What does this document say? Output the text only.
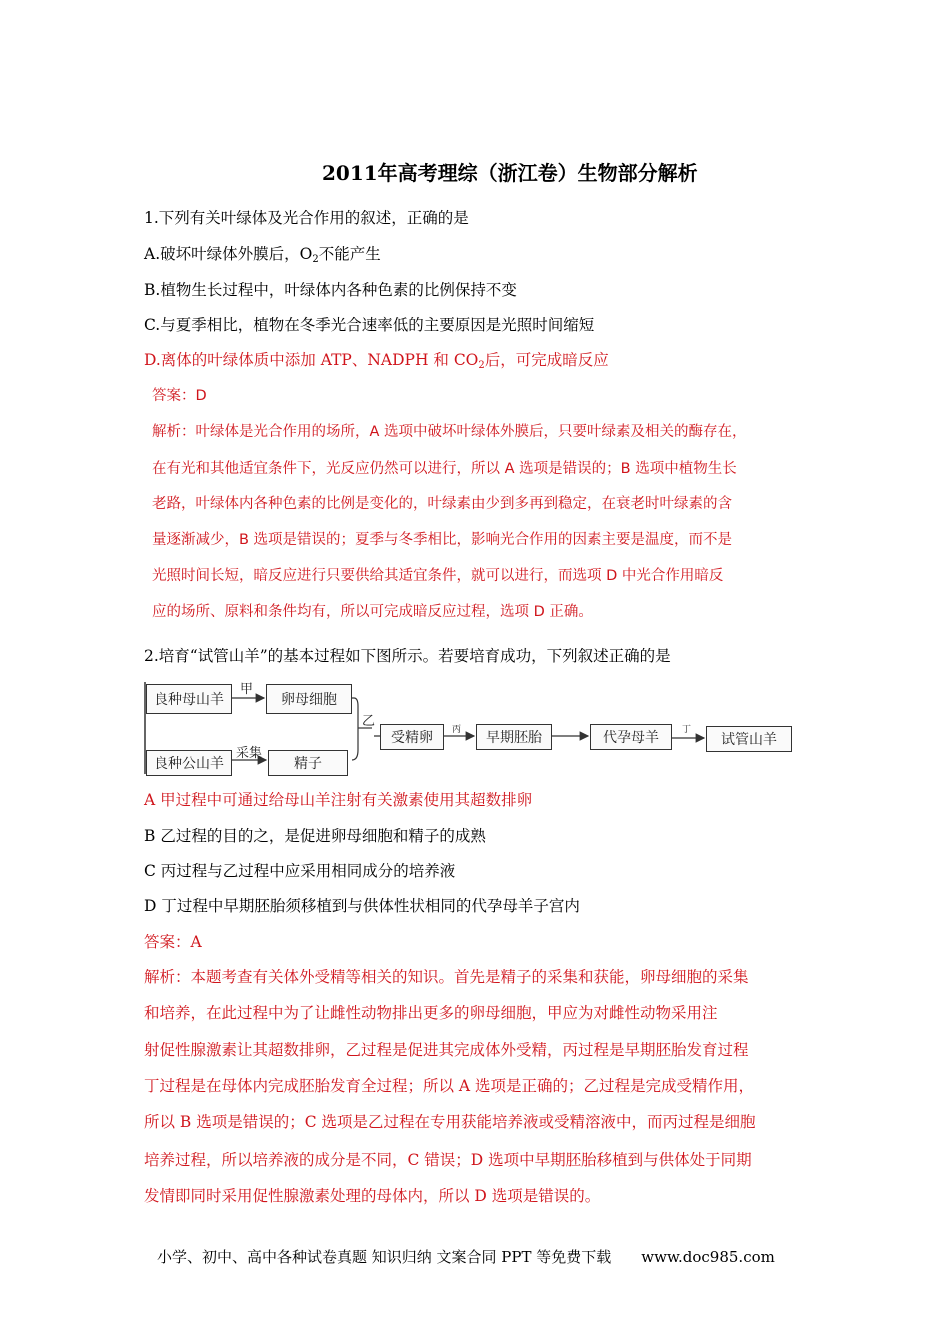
2011年高考理综（浙江卷）生物部分解析
1.下列有关叶绿体及光合作用的叙述，正确的是
A.破坏叶绿体外膜后，$O_2$不能产生
B.植物生长过程中，叶绿体内各种色素的比例保持不变
C.与夏季相比，植物在冬季光合速率低的主要原因是光照时间缩短
D.离体的叶绿体质中添加 ATP、NADPH 和 $CO_2$后，可完成暗反应
答案：D
解析：叶绿体是光合作用的场所，A 选项中破坏叶绿体外膜后，只要叶绿素及相关的酶存在，
在有光和其他适宜条件下，光反应仍然可以进行，所以 A 选项是错误的；B 选项中植物生长
老路，叶绿体内各种色素的比例是变化的，叶绿素由少到多再到稳定，在衰老时叶绿素的含
量逐渐减少，B 选项是错误的；夏季与冬季相比，影响光合作用的因素主要是温度，而不是
光照时间长短，暗反应进行只要供给其适宜条件，就可以进行，而选项 D 中光合作用暗反
应的场所、原料和条件均有，所以可完成暗反应过程，选项 D 正确。
2.培育“试管山羊”的基本过程如下图所示。若要培育成功，下列叙述正确的是
良种母山羊
甲
卵母细胞
良种公山羊
采集
精子
乙
受精卵	丙	早期胚胎	代孕母羊	丁
试管山羊
A 甲过程中可通过给母山羊注射有关激素使用其超数排卵
B 乙过程的目的之，是促进卵母细胞和精子的成熟
C 丙过程与乙过程中应采用相同成分的培养液
D 丁过程中早期胚胎须移植到与供体性状相同的代孕母羊子宫内
答案：A
解析：本题考查有关体外受精等相关的知识。首先是精子的采集和获能，卵母细胞的采集
和培养，在此过程中为了让雌性动物排出更多的卵母细胞，甲应为对雌性动物采用注
射促性腺激素让其超数排卵，乙过程是促进其完成体外受精，丙过程是早期胚胎发育过程
丁过程是在母体内完成胚胎发育全过程；所以 A 选项是正确的；乙过程是完成受精作用，
所以 B 选项是错误的；C 选项是乙过程在专用获能培养液或受精溶液中，而丙过程是细胞
培养过程，所以培养液的成分是不同，C 错误；D 选项中早期胚胎移植到与供体处于同期
发情即同时采用促性腺激素处理的母体内，所以 D 选项是错误的。
小学、初中、高中各种试卷真题 知识归纳 文案合同 PPT 等免费下载 www.doc985.com
